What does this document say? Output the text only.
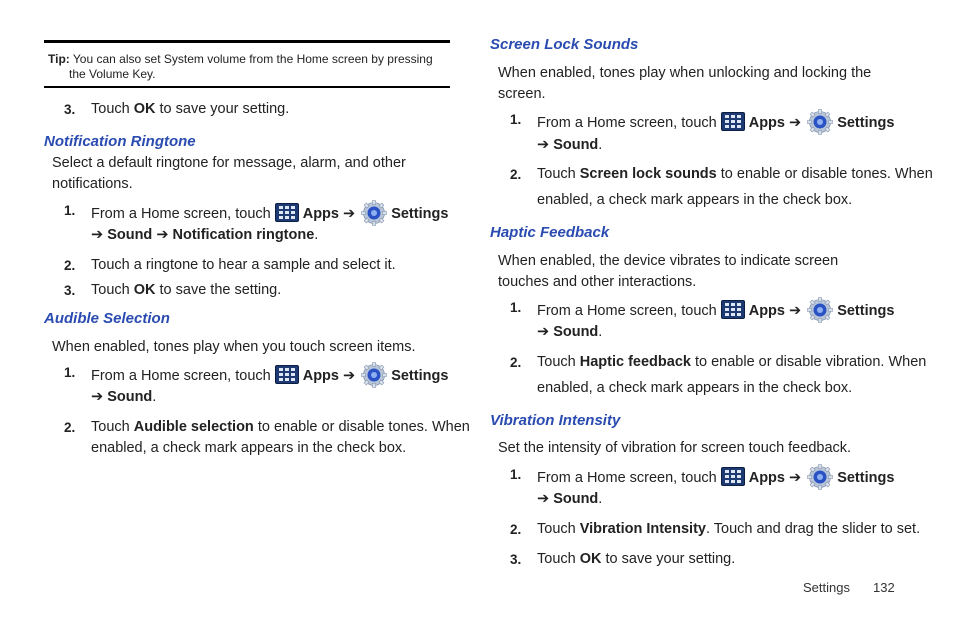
Tip: You can also set System volume from the Home screen by pressing the Volume Key.
3. Touch OK to save your setting.
Notification Ringtone
Select a default ringtone for message, alarm, and other notifications.
1. From a Home screen, touch Apps ➔ Settings
➔ Sound ➔ Notification ringtone.
2. Touch a ringtone to hear a sample and select it.
3. Touch OK to save the setting.
Audible Selection
When enabled, tones play when you touch screen items.
1. From a Home screen, touch Apps ➔ Settings
➔ Sound.
2. Touch Audible selection to enable or disable tones. When
enabled, a check mark appears in the check box.
Screen Lock Sounds
When enabled, tones play when unlocking and locking the screen.
1. From a Home screen, touch Apps ➔ Settings
➔ Sound.
2. Touch Screen lock sounds to enable or disable tones. When
enabled, a check mark appears in the check box.
Haptic Feedback
When enabled, the device vibrates to indicate screen touches and other interactions.
1. From a Home screen, touch Apps ➔ Settings
➔ Sound.
2. Touch Haptic feedback to enable or disable vibration. When
enabled, a check mark appears in the check box.
Vibration Intensity
Set the intensity of vibration for screen touch feedback.
1. From a Home screen, touch Apps ➔ Settings
➔ Sound.
2. Touch Vibration Intensity. Touch and drag the slider to set.
3. Touch OK to save your setting.
Settings 132
